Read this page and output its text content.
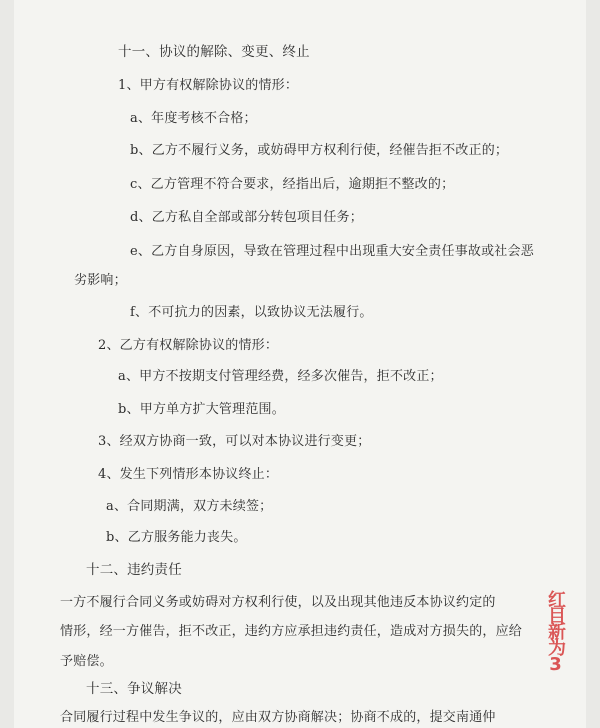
十一、协议的解除、变更、终止
1、甲方有权解除协议的情形：
a、年度考核不合格；
b、乙方不履行义务，或妨碍甲方权利行使，经催告拒不改正的；
c、乙方管理不符合要求，经指出后，逾期拒不整改的；
d、乙方私自全部或部分转包项目任务；
e、乙方自身原因，导致在管理过程中出现重大安全责任事故或社会恶
劣影响；
f、不可抗力的因素，以致协议无法履行。
2、乙方有权解除协议的情形：
a、甲方不按期支付管理经费，经多次催告，拒不改正；
b、甲方单方扩大管理范围。
3、经双方协商一致，可以对本协议进行变更；
4、发生下列情形本协议终止：
a、合同期满，双方未续签；
b、乙方服务能力丧失。
十二、违约责任
一方不履行合同义务或妨碍对方权利行使，以及出现其他违反本协议约定的
情形，经一方催告，拒不改正，违约方应承担违约责任，造成对方损失的，应给
予赔偿。
十三、争议解决
合同履行过程中发生争议的，应由双方协商解决；协商不成的，提交南通仲
红目新为3
